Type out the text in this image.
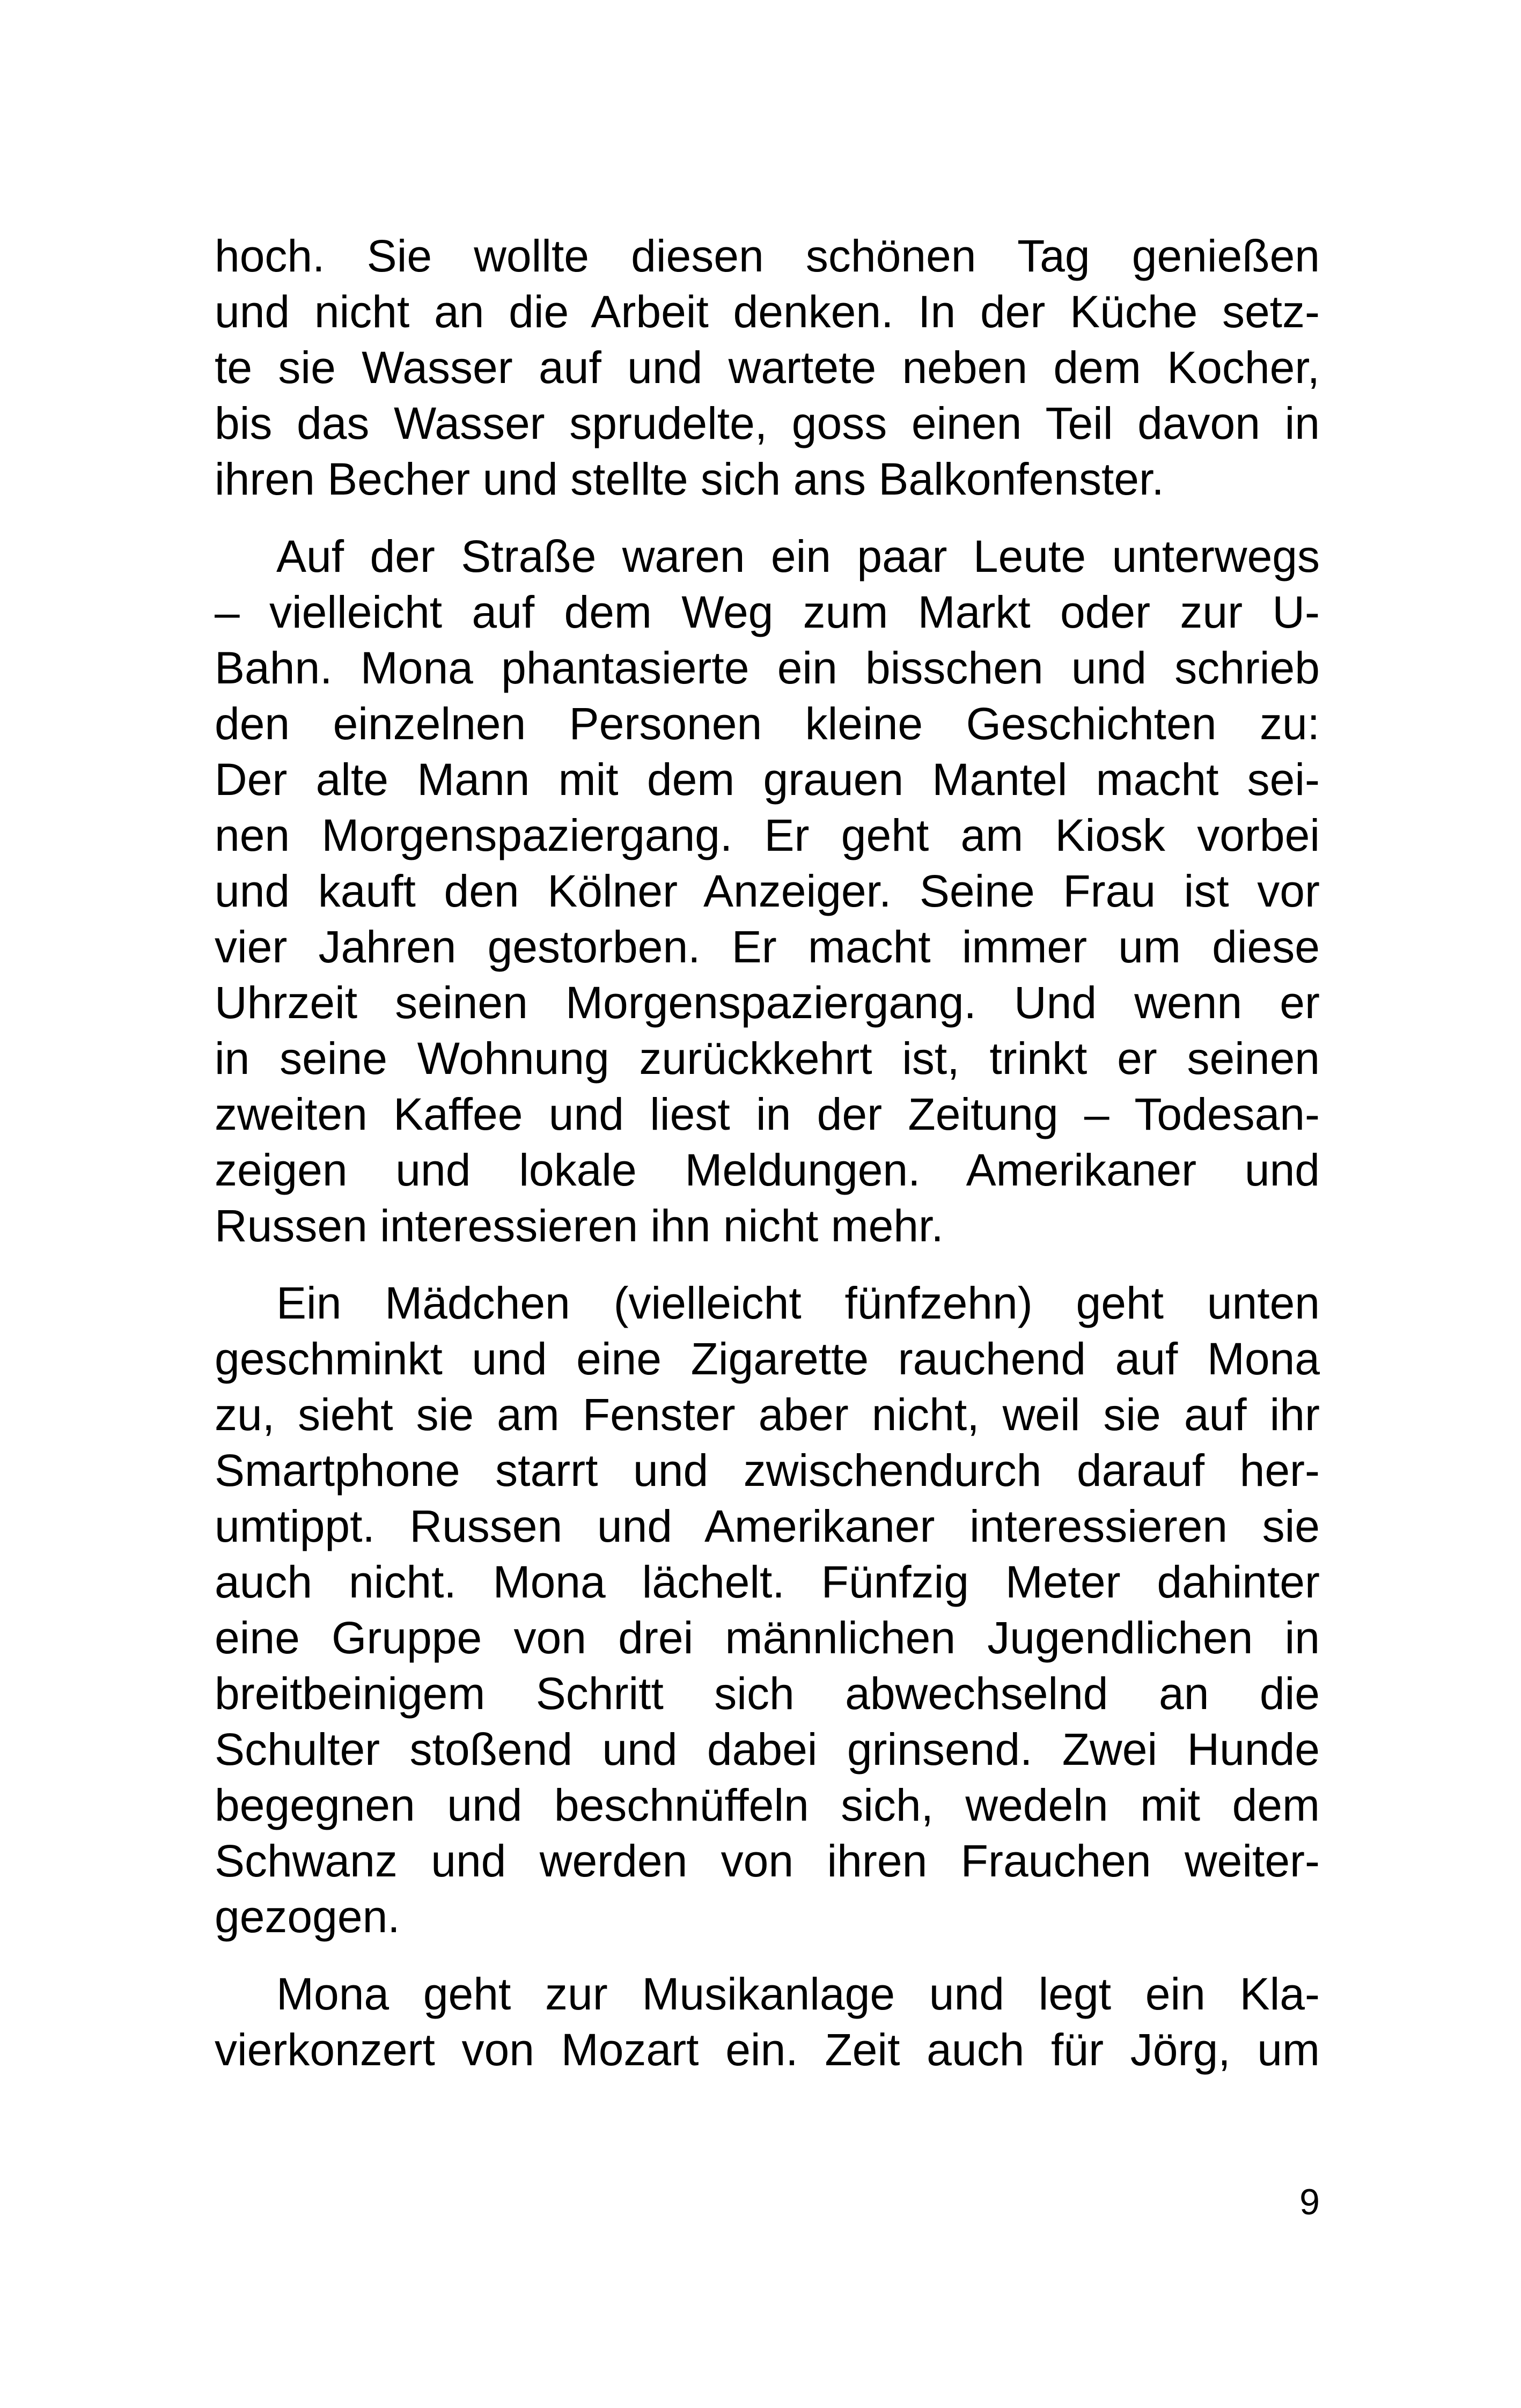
hoch. Sie wollte diesen schönen Tag genießen
und nicht an die Arbeit denken. In der Küche setz-
te sie Wasser auf und wartete neben dem Kocher,
bis das Wasser sprudelte, goss einen Teil davon in
ihren Becher und stellte sich ans Balkonfenster.
Auf der Straße waren ein paar Leute unterwegs
– vielleicht auf dem Weg zum Markt oder zur U-
Bahn. Mona phantasierte ein bisschen und schrieb
den einzelnen Personen kleine Geschichten zu:
Der alte Mann mit dem grauen Mantel macht sei-
nen Morgenspaziergang. Er geht am Kiosk vorbei
und kauft den Kölner Anzeiger. Seine Frau ist vor
vier Jahren gestorben. Er macht immer um diese
Uhrzeit seinen Morgenspaziergang. Und wenn er
in seine Wohnung zurückkehrt ist, trinkt er seinen
zweiten Kaffee und liest in der Zeitung – Todesan-
zeigen und lokale Meldungen. Amerikaner und
Russen interessieren ihn nicht mehr.
Ein Mädchen (vielleicht fünfzehn) geht unten
geschminkt und eine Zigarette rauchend auf Mona
zu, sieht sie am Fenster aber nicht, weil sie auf ihr
Smartphone starrt und zwischendurch darauf her-
umtippt. Russen und Amerikaner interessieren sie
auch nicht. Mona lächelt. Fünfzig Meter dahinter
eine Gruppe von drei männlichen Jugendlichen in
breitbeinigem Schritt sich abwechselnd an die
Schulter stoßend und dabei grinsend. Zwei Hunde
begegnen und beschnüffeln sich, wedeln mit dem
Schwanz und werden von ihren Frauchen weiter-
gezogen.
Mona geht zur Musikanlage und legt ein Kla-
vierkonzert von Mozart ein. Zeit auch für Jörg, um
9
